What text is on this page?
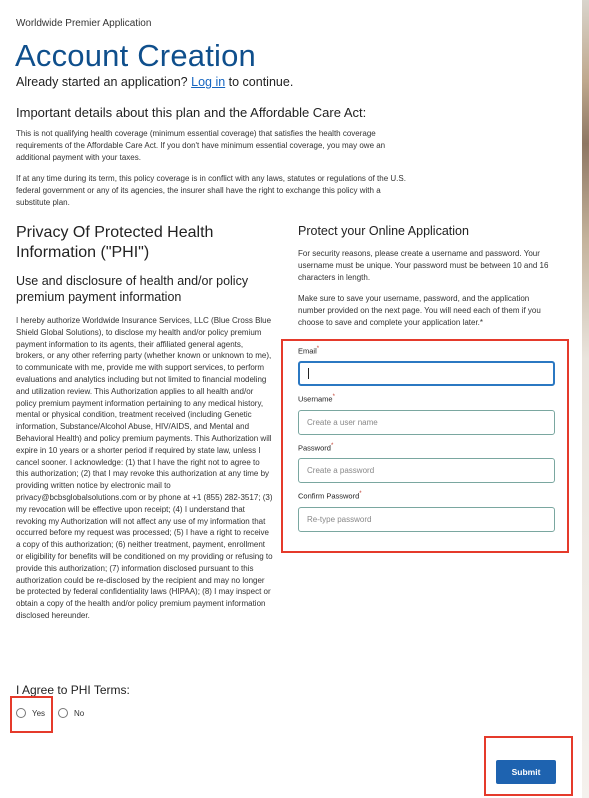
Worldwide Premier Application
Account Creation
Already started an application? Log in to continue.
Important details about this plan and the Affordable Care Act:
This is not qualifying health coverage (minimum essential coverage) that satisfies the health coverage requirements of the Affordable Care Act. If you don't have minimum essential coverage, you may owe an additional payment with your taxes.
If at any time during its term, this policy coverage is in conflict with any laws, statutes or regulations of the U.S. federal government or any of its agencies, the insurer shall have the right to exchange this policy with a substitute plan.
Privacy Of Protected Health Information ("PHI")
Use and disclosure of health and/or policy premium payment information
I hereby authorize Worldwide Insurance Services, LLC (Blue Cross Blue Shield Global Solutions), to disclose my health and/or policy premium payment information to its agents, their affiliated general agents, brokers, or any other referring party (whether known or unknown to me), to communicate with me, provide me with support services, to perform evaluations and analytics including but not limited to financial modeling and utilization review. This Authorization applies to all health and/or policy premium payment information pertaining to any medical history, mental or physical condition, treatment received (including Genetic information, Substance/Alcohol Abuse, HIV/AIDS, and Mental and Behavioral Health) and policy premium payments. This Authorization will expire in 10 years or a shorter period if required by state law, unless I cancel sooner. I acknowledge: (1) that I have the right not to agree to this authorization; (2) that I may revoke this authorization at any time by providing written notice by electronic mail to privacy@bcbsglobalsolutions.com or by phone at +1 (855) 282-3517; (3) my revocation will be effective upon receipt; (4) I understand that revoking my Authorization will not affect any use of my information that occurred before my request was processed; (5) I have a right to receive a copy of this authorization; (6) neither treatment, payment, enrollment or eligibility for benefits will be conditioned on my providing or refusing to provide this authorization; (7) information disclosed pursuant to this authorization could be re-disclosed by the recipient and may no longer be protected by federal confidentiality laws (HIPAA); (8) I may inspect or obtain a copy of the health and/or policy premium payment information disclosed hereunder.
I Agree to PHI Terms:
Yes	No
Protect your Online Application
For security reasons, please create a username and password. Your username must be unique. Your password must be between 10 and 16 characters in length.
Make sure to save your username, password, and the application number provided on the next page. You will need each of them if you choose to save and complete your application later.*
Email*
Username*
Create a user name
Password*
Create a password
Confirm Password*
Re-type password
Submit
